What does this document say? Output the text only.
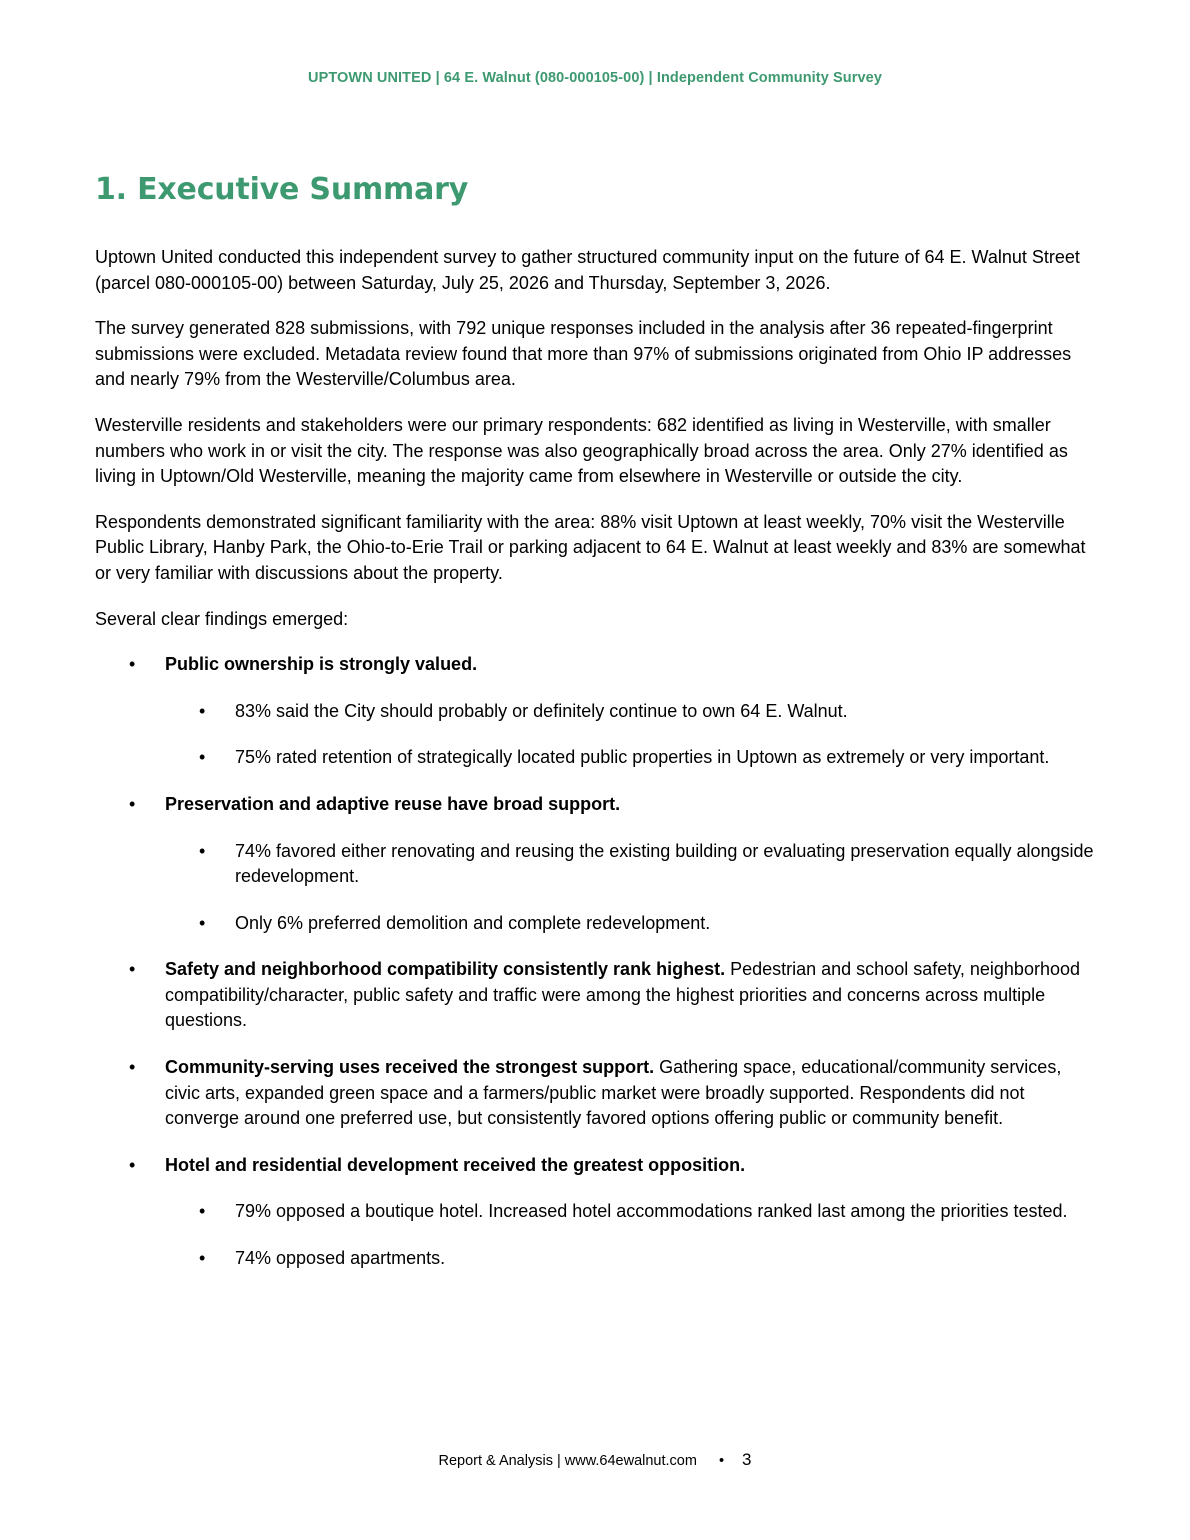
UPTOWN UNITED | 64 E. Walnut (080-000105-00) | Independent Community Survey
1. Executive Summary

Uptown United conducted this independent survey to gather structured community input on the future of 64 E. Walnut Street (parcel 080-000105-00) between Saturday, July 25, 2026 and Thursday, September 3, 2026.

The survey generated 828 submissions, with 792 unique responses included in the analysis after 36 repeated-fingerprint submissions were excluded. Metadata review found that more than 97% of submissions originated from Ohio IP addresses and nearly 79% from the Westerville/Columbus area.

Westerville residents and stakeholders were our primary respondents: 682 identified as living in Westerville, with smaller numbers who work in or visit the city. The response was also geographically broad across the area. Only 27% identified as living in Uptown/Old Westerville, meaning the majority came from elsewhere in Westerville or outside the city.

Respondents demonstrated significant familiarity with the area: 88% visit Uptown at least weekly, 70% visit the Westerville Public Library, Hanby Park, the Ohio-to-Erie Trail or parking adjacent to 64 E. Walnut at least weekly and 83% are somewhat or very familiar with discussions about the property.

Several clear findings emerged:

• Public ownership is strongly valued.
• 83% said the City should probably or definitely continue to own 64 E. Walnut.
• 75% rated retention of strategically located public properties in Uptown as extremely or very important.
• Preservation and adaptive reuse have broad support.
• 74% favored either renovating and reusing the existing building or evaluating preservation equally alongside redevelopment.
• Only 6% preferred demolition and complete redevelopment.
• Safety and neighborhood compatibility consistently rank highest. Pedestrian and school safety, neighborhood compatibility/character, public safety and traffic were among the highest priorities and concerns across multiple questions.
• Community-serving uses received the strongest support. Gathering space, educational/community services, civic arts, expanded green space and a farmers/public market were broadly supported. Respondents did not converge around one preferred use, but consistently favored options offering public or community benefit.
• Hotel and residential development received the greatest opposition.
• 79% opposed a boutique hotel. Increased hotel accommodations ranked last among the priorities tested.
• 74% opposed apartments.
Report & Analysis | www.64ewalnut.com • 3
